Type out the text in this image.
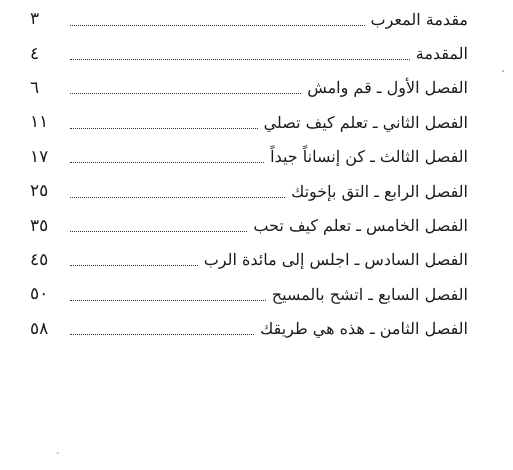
٣	مقدمة المعرب
٤	المقدمة
٦	الفصل الأول ـ قم وامش
١١	الفصل الثاني ـ تعلم كيف تصلي
١٧	الفصل الثالث ـ كن إنساناً جيداً
٢٥	الفصل الرابع ـ التق بإخوتك
٣٥	الفصل الخامس ـ تعلم كيف تحب
٤٥	الفصل السادس ـ اجلس إلى مائدة الرب
٥٠	الفصل السابع ـ اتشح بالمسيح
٥٨	الفصل الثامن ـ هذه هي طريقك
-
